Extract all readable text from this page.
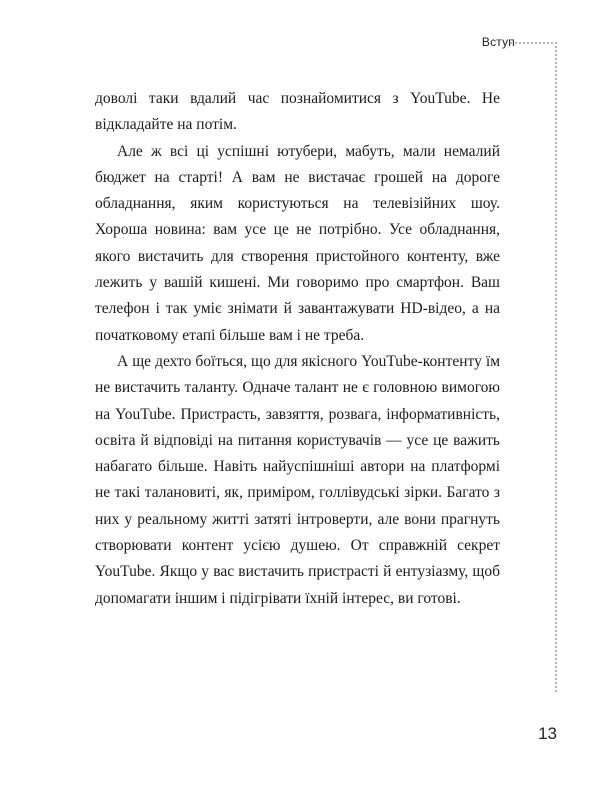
Вступ

доволі таки вдалий час познайомитися з YouTube. Не відкладайте на потім.

Але ж всі ці успішні ютубери, мабуть, мали немалий бюджет на старті! А вам не вистачає грошей на дороге обладнання, яким користуються на телевізійних шоу. Хороша новина: вам усе це не потрібно. Усе обладнання, якого вистачить для створення пристойного контенту, вже лежить у вашій кишені. Ми говоримо про смартфон. Ваш телефон і так уміє знімати й завантажувати HD-відео, а на початковому етапі більше вам і не треба.

А ще дехто боїться, що для якісного YouTube-контенту їм не вистачить таланту. Одначе талант не є головною вимогою на YouTube. Пристрасть, завзяття, розвага, інформативність, освіта й відповіді на питання користувачів — усе це важить набагато більше. Навіть найуспішніші автори на платформі не такі талановиті, як, приміром, голлівудські зірки. Багато з них у реальному житті затяті інтроверти, але вони прагнуть створювати контент усією душею. От справжній секрет YouTube. Якщо у вас вистачить пристрасті й ентузіазму, щоб допомагати іншим і підігрівати їхній інтерес, ви готові.

13
